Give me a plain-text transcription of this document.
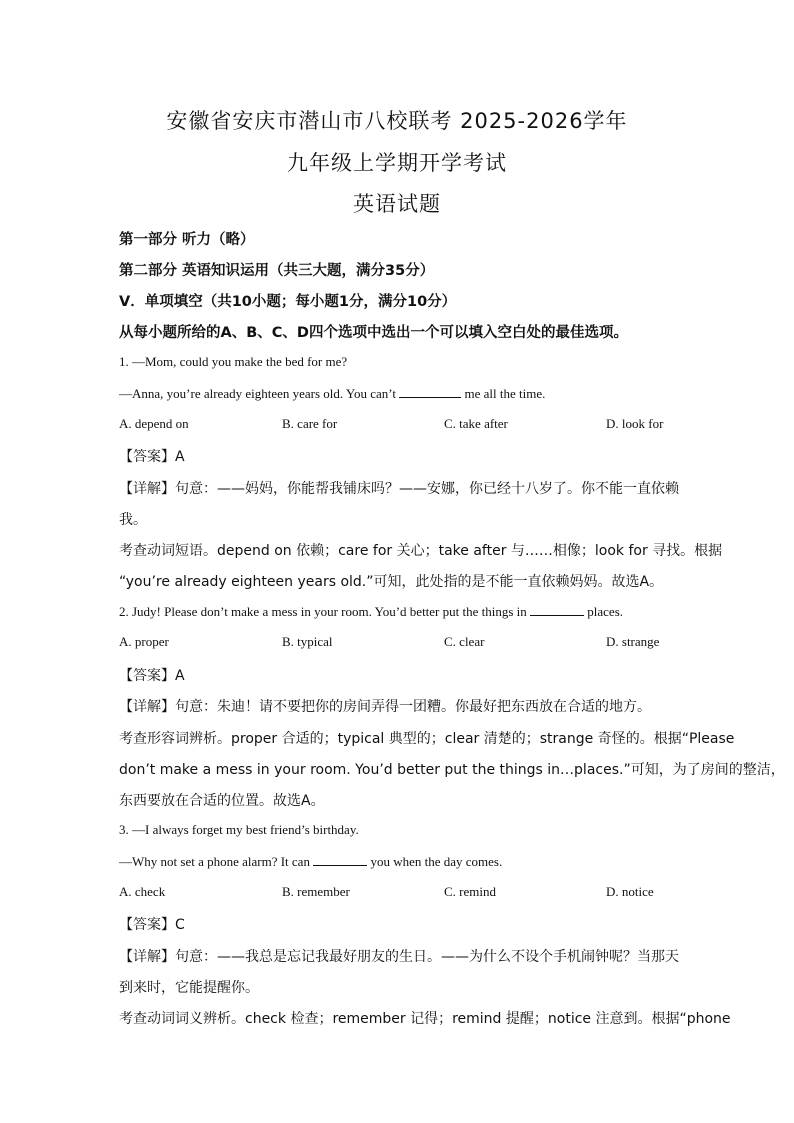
安徽省安庆市潜山市八校联考 2025-2026学年
九年级上学期开学考试
英语试题
第一部分 听力（略）
第二部分 英语知识运用（共三大题，满分35分）
V．单项填空（共10小题；每小题1分，满分10分）
从每小题所给的A、B、C、D四个选项中选出一个可以填入空白处的最佳选项。
1. —Mom, could you make the bed for me?
—Anna, you’re already eighteen years old. You can’t	me all the time.
A. depend on	B. care for	C. take after	D. look for
【答案】A
【详解】句意：——妈妈，你能帮我铺床吗？——安娜，你已经十八岁了。你不能一直依赖
我。
考查动词短语。depend on 依赖；care for 关心；take after 与……相像；look for 寻找。根据
“you’re already eighteen years old.”可知，此处指的是不能一直依赖妈妈。故选A。
2. Judy! Please don’t make a mess in your room. You’d better put the things in	places.
A. proper	B. typical	C. clear	D. strange
【答案】A
【详解】句意：朱迪！请不要把你的房间弄得一团糟。你最好把东西放在合适的地方。
考查形容词辨析。proper 合适的；typical 典型的；clear 清楚的；strange 奇怪的。根据“Please
don’t make a mess in your room. You’d better put the things in…places.”可知，为了房间的整洁，
东西要放在合适的位置。故选A。
3. —I always forget my best friend’s birthday.
—Why not set a phone alarm? It can	you when the day comes.
A. check	B. remember	C. remind	D. notice
【答案】C
【详解】句意：——我总是忘记我最好朋友的生日。——为什么不设个手机闹钟呢？当那天
到来时，它能提醒你。
考查动词词义辨析。check 检查；remember 记得；remind 提醒；notice 注意到。根据“phone
